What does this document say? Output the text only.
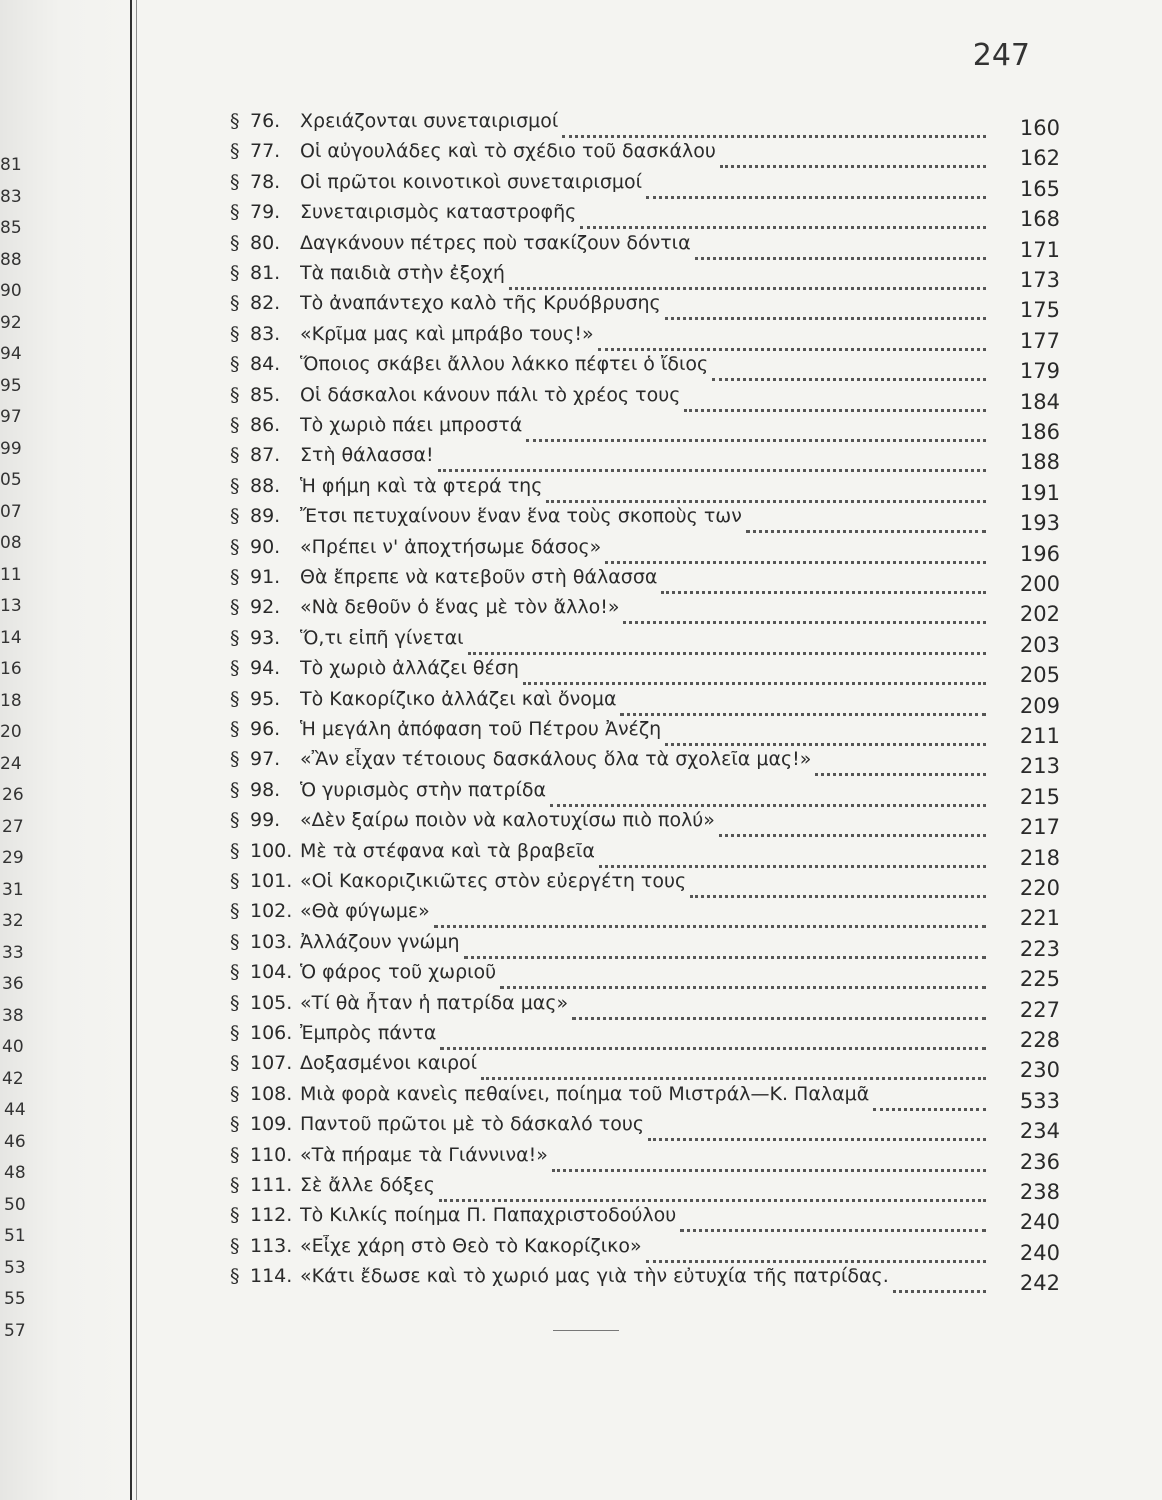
81
83
85
88
90
92
94
95
97
99
05
07
08
11
13
14
16
18
20
24
26
27
29
31
32
33
36
38
40
42
44
46
48
50
51
53
55
57
247
§ 76.	Χρειάζονται συνεταιρισμοί	160
§ 77.	Οἱ αὐγουλάδες καὶ τὸ σχέδιο τοῦ δασκάλου	162
§ 78.	Οἱ πρῶτοι κοινοτικοὶ συνεταιρισμοί	165
§ 79.	Συνεταιρισμὸς καταστροφῆς	168
§ 80.	Δαγκάνουν πέτρες ποὺ τσακίζουν δόντια	171
§ 81.	Τὰ παιδιὰ στὴν ἐξοχή	173
§ 82.	Τὸ ἀναπάντεχο καλὸ τῆς Κρυόβρυσης	175
§ 83.	«Κρῖμα μας καὶ μπράβο τους!»	177
§ 84.	Ὅποιος σκάβει ἄλλου λάκκο πέφτει ὁ ἴδιος	179
§ 85.	Οἱ δάσκαλοι κάνουν πάλι τὸ χρέος τους	184
§ 86.	Τὸ χωριὸ πάει μπροστά	186
§ 87.	Στὴ θάλασσα!	188
§ 88.	Ἡ φήμη καὶ τὰ φτερά της	191
§ 89.	Ἔτσι πετυχαίνουν ἕναν ἕνα τοὺς σκοποὺς των	193
§ 90.	«Πρέπει ν' ἀποχτήσωμε δάσος»	196
§ 91.	Θὰ ἔπρεπε νὰ κατεβοῦν στὴ θάλασσα	200
§ 92.	«Νὰ δεθοῦν ὁ ἕνας μὲ τὸν ἄλλο!»	202
§ 93.	Ὅ,τι εἰπῆ γίνεται	203
§ 94.	Τὸ χωριὸ ἀλλάζει θέση	205
§ 95.	Τὸ Κακορίζικο ἀλλάζει καὶ ὄνομα	209
§ 96.	Ἡ μεγάλη ἀπόφαση τοῦ Πέτρου Ἀνέζη	211
§ 97.	«Ἂν εἶχαν τέτοιους δασκάλους ὅλα τὰ σχολεῖα μας!»	213
§ 98.	Ὁ γυρισμὸς στὴν πατρίδα	215
§ 99.	«Δὲν ξαίρω ποιὸν νὰ καλοτυχίσω πιὸ πολύ»	217
§ 100. Μὲ τὰ στέφανα καὶ τὰ βραβεῖα	218
§ 101. «Οἱ Κακοριζικιῶτες στὸν εὐεργέτη τους	220
§ 102. «Θὰ φύγωμε»	221
§ 103. Ἀλλάζουν γνώμη	223
§ 104. Ὁ φάρος τοῦ χωριοῦ	225
§ 105. «Τί θὰ ἦταν ἡ πατρίδα μας»	227
§ 106. Ἐμπρὸς πάντα	228
§ 107. Δοξασμένοι καιροί	230
§ 108. Μιὰ φορὰ κανεὶς πεθαίνει, ποίημα τοῦ Μιστράλ—Κ. Παλαμᾶ	533
§ 109. Παντοῦ πρῶτοι μὲ τὸ δάσκαλό τους	234
§ 110. «Τὰ πήραμε τὰ Γιάννινα!»	236
§ 111. Σὲ ἄλλε δόξες	238
§ 112. Τὸ Κιλκίς ποίημα Π. Παπαχριστοδούλου	240
§ 113. «Εἶχε χάρη στὸ Θεὸ τὸ Κακορίζικο»	240
§ 114. «Κάτι ἔδωσε καὶ τὸ χωριό μας γιὰ τὴν εὐτυχία τῆς πατρίδας.	242
